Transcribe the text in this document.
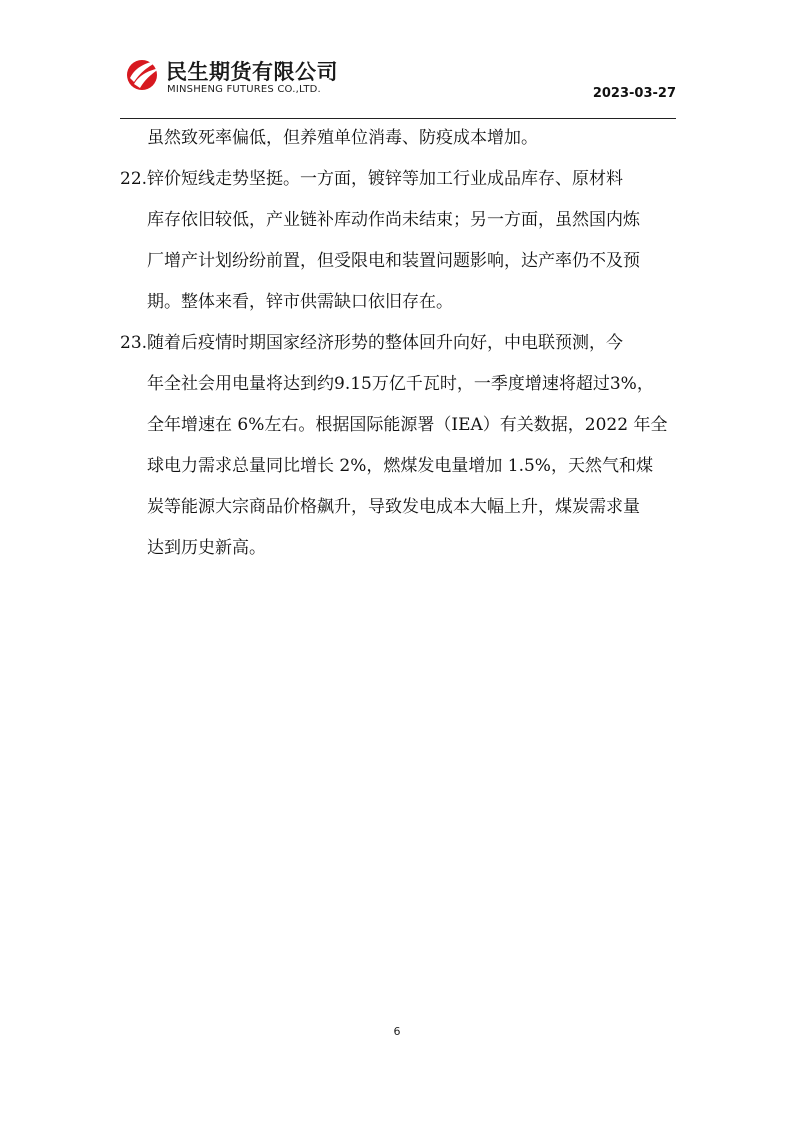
民生期货有限公司
MINSHENG FUTURES CO.,LTD.	2023-03-27
虽然致死率偏低，但养殖单位消毒、防疫成本增加。
22.锌价短线走势坚挺。一方面，镀锌等加工行业成品库存、原材料
库存依旧较低，产业链补库动作尚未结束；另一方面，虽然国内炼
厂增产计划纷纷前置，但受限电和装置问题影响，达产率仍不及预
期。整体来看，锌市供需缺口依旧存在。
23.随着后疫情时期国家经济形势的整体回升向好，中电联预测，今
年全社会用电量将达到约9.15万亿千瓦时，一季度增速将超过3%，
全年增速在 6%左右。根据国际能源署（IEA）有关数据，2022 年全
球电力需求总量同比增长 2%，燃煤发电量增加 1.5%，天然气和煤
炭等能源大宗商品价格飙升，导致发电成本大幅上升，煤炭需求量
达到历史新高。
6
